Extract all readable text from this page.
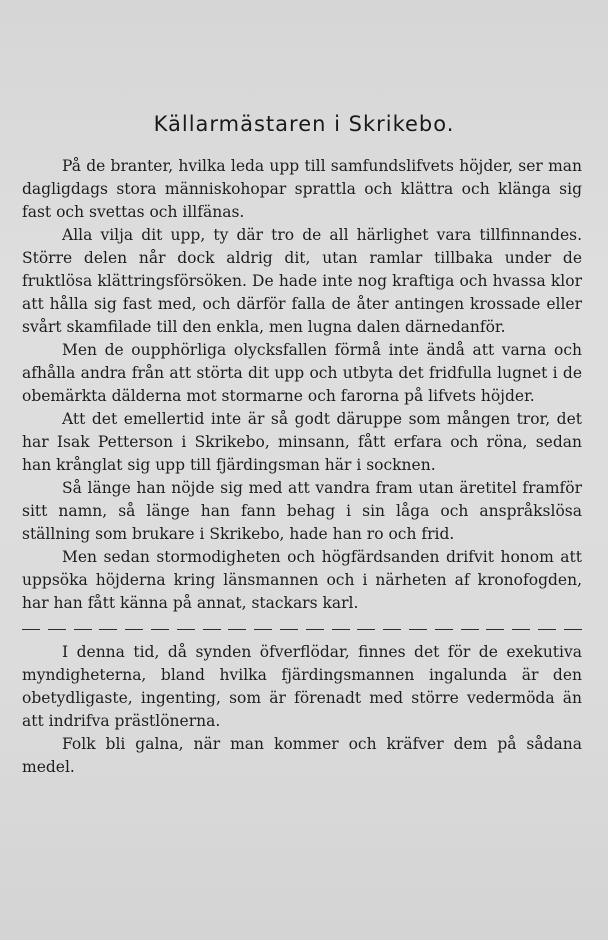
Källarmästaren i Skrikebo.

På de branter, hvilka leda upp till samfundslifvets höjder, ser man dagligdags stora människohopar sprattla och klättra och klänga sig fast och svettas och illfänas.

Alla vilja dit upp, ty där tro de all härlighet vara tillfinnandes. Större delen når dock aldrig dit, utan ramlar tillbaka under de fruktlösa klättringsförsöken. De hade inte nog kraftiga och hvassa klor att hålla sig fast med, och därför falla de åter antingen krossade eller svårt skamfilade till den enkla, men lugna dalen därnedanför.

Men de oupphörliga olycksfallen förmå inte ändå att varna och afhålla andra från att störta dit upp och utbyta det fridfulla lugnet i de obemärkta dälderna mot stormarne och farorna på lifvets höjder.

Att det emellertid inte är så godt däruppe som mången tror, det har Isak Petterson i Skrikebo, minsann, fått erfara och röna, sedan han krånglat sig upp till fjärdingsman här i socknen.

Så länge han nöjde sig med att vandra fram utan äretitel framför sitt namn, så länge han fann behag i sin låga och anspråkslösa ställning som brukare i Skrikebo, hade han ro och frid.

Men sedan stormodigheten och högfärdsanden drifvit honom att uppsöka höjderna kring länsmannen och i närheten af kronofogden, har han fått känna på annat, stackars karl.

I denna tid, då synden öfverflödar, finnes det för de exekutiva myndigheterna, bland hvilka fjärdingsmannen ingalunda är den obetydligaste, ingenting, som är förenadt med större vedermöda än att indrifva prästlönerna.

Folk bli galna, när man kommer och kräfver dem på sådana medel.
